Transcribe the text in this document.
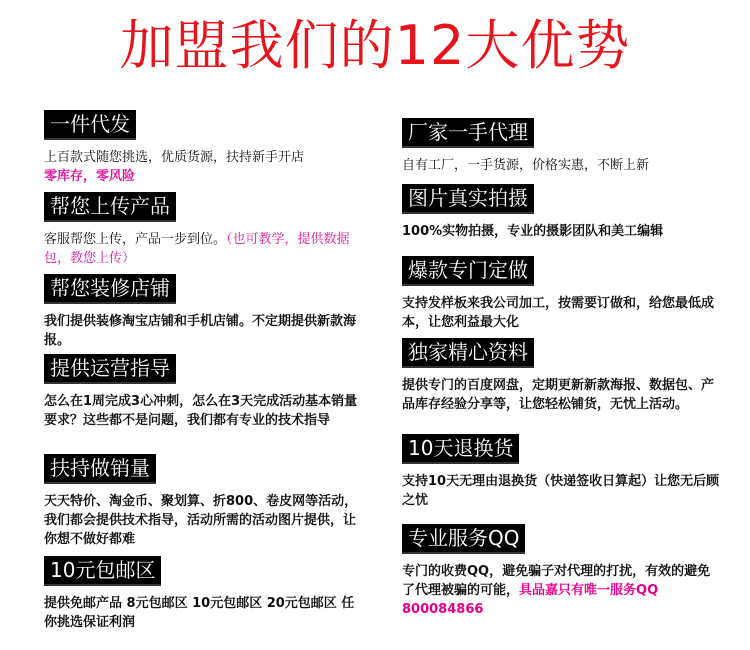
加盟我们的12大优势
一件代发
上百款式随您挑选，优质货源，扶持新手开店
零库存，零风险
帮您上传产品
客服帮您上传，产品一步到位。（也可教学，提供数据包，教您上传）
帮您装修店铺
我们提供装修淘宝店铺和手机店铺。不定期提供新款海报。
提供运营指导
怎么在1周完成3心冲刺，怎么在3天完成活动基本销量要求？这些都不是问题，我们都有专业的技术指导
扶持做销量
天天特价、淘金币、聚划算、折800、卷皮网等活动，我们都会提供技术指导，活动所需的活动图片提供，让你想不做好都难
10元包邮区
提供免邮产品 8元包邮区 10元包邮区 20元包邮区 任你挑选保证利润
厂家一手代理
自有工厂，一手货源，价格实惠，不断上新
图片真实拍摄
100%实物拍摄，专业的摄影团队和美工编辑
爆款专门定做
支持发样板来我公司加工，按需要订做和，给您最低成本，让您利益最大化
独家精心资料
提供专门的百度网盘，定期更新新款海报、数据包、产品库存经验分享等，让您轻松铺货，无忧上活动。
10天退换货
支持10天无理由退换货（快递签收日算起）让您无后顾之忧
专业服务QQ
专门的收费QQ，避免骗子对代理的打扰，有效的避免了代理被骗的可能，具品嘉只有唯一服务QQ 800084866
